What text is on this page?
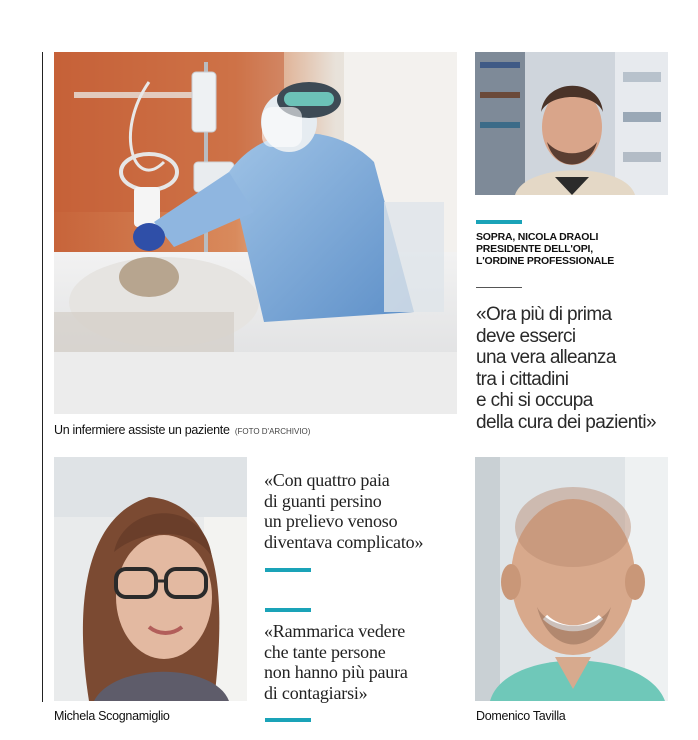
Un infermiere assiste un paziente (FOTO D'ARCHIVIO)
SOPRA, NICOLA DRAOLI
PRESIDENTE DELL'OPI,
L'ORDINE PROFESSIONALE
«Ora più di prima
deve esserci
una vera alleanza
tra i cittadini
e chi si occupa
della cura dei pazienti»
Michela Scognamiglio
«Con quattro paia
di guanti persino
un prelievo venoso
diventava complicato»
«Rammarica vedere
che tante persone
non hanno più paura
di contagiarsi»
Domenico Tavilla
